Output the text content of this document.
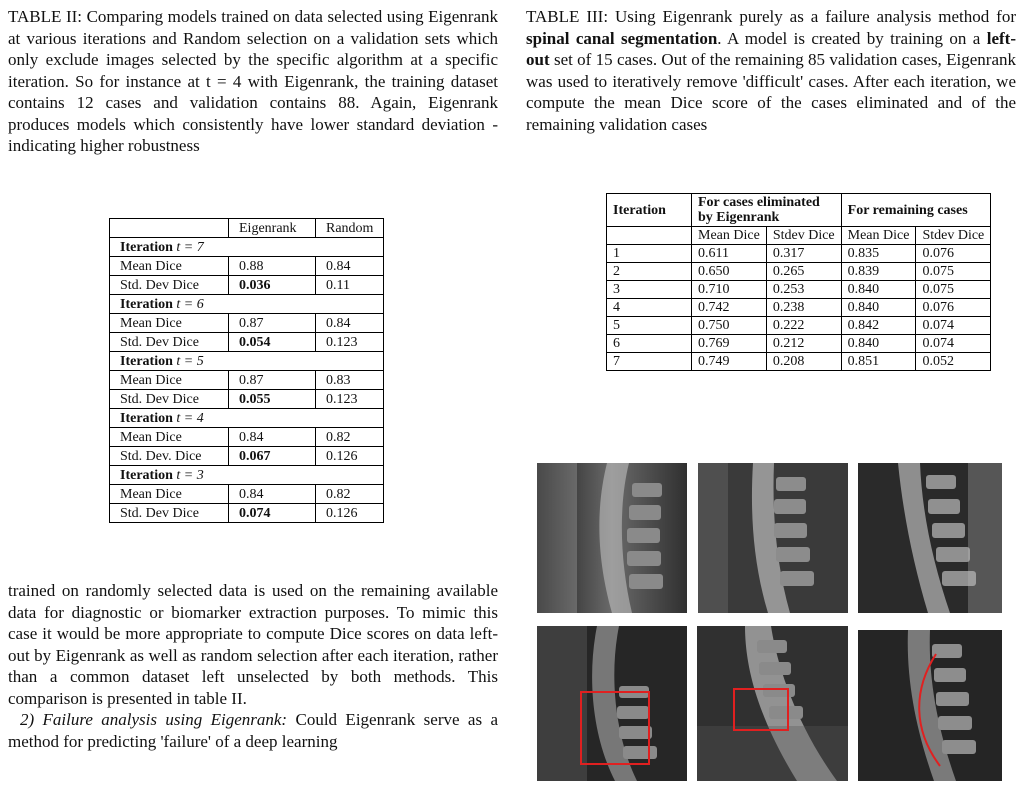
TABLE II: Comparing models trained on data selected using Eigenrank at various iterations and Random selection on a validation sets which only exclude images selected by the specific algorithm at a specific iteration. So for instance at t = 4 with Eigenrank, the training dataset contains 12 cases and validation contains 88. Again, Eigenrank produces models which consistently have lower standard deviation - indicating higher robustness

	Eigenrank	Random
Iteration t = 7		
Mean Dice	0.88	0.84
Std. Dev Dice	0.036	0.11
Iteration t = 6		
Mean Dice	0.87	0.84
Std. Dev Dice	0.054	0.123
Iteration t = 5		
Mean Dice	0.87	0.83
Std. Dev Dice	0.055	0.123
Iteration t = 4		
Mean Dice	0.84	0.82
Std. Dev. Dice	0.067	0.126
Iteration t = 3		
Mean Dice	0.84	0.82
Std. Dev Dice	0.074	0.126

trained on randomly selected data is used on the remaining available data for diagnostic or biomarker extraction purposes. To mimic this case it would be more appropriate to compute Dice scores on data left-out by Eigenrank as well as random selection after each iteration, rather than a common dataset left unselected by both methods. This comparison is presented in table II.

2) Failure analysis using Eigenrank: Could Eigenrank serve as a method for predicting 'failure' of a deep learning

TABLE III: Using Eigenrank purely as a failure analysis method for spinal canal segmentation. A model is created by training on a left-out set of 15 cases. Out of the remaining 85 validation cases, Eigenrank was used to iteratively remove 'difficult' cases. After each iteration, we compute the mean Dice score of the cases eliminated and of the remaining validation cases

Iteration	For cases eliminated by Eigenrank		For remaining cases	
	Mean Dice	Stdev Dice	Mean Dice	Stdev Dice
1	0.611	0.317	0.835	0.076
2	0.650	0.265	0.839	0.075
3	0.710	0.253	0.840	0.075
4	0.742	0.238	0.840	0.076
5	0.750	0.222	0.842	0.074
6	0.769	0.212	0.840	0.074
7	0.749	0.208	0.851	0.052
